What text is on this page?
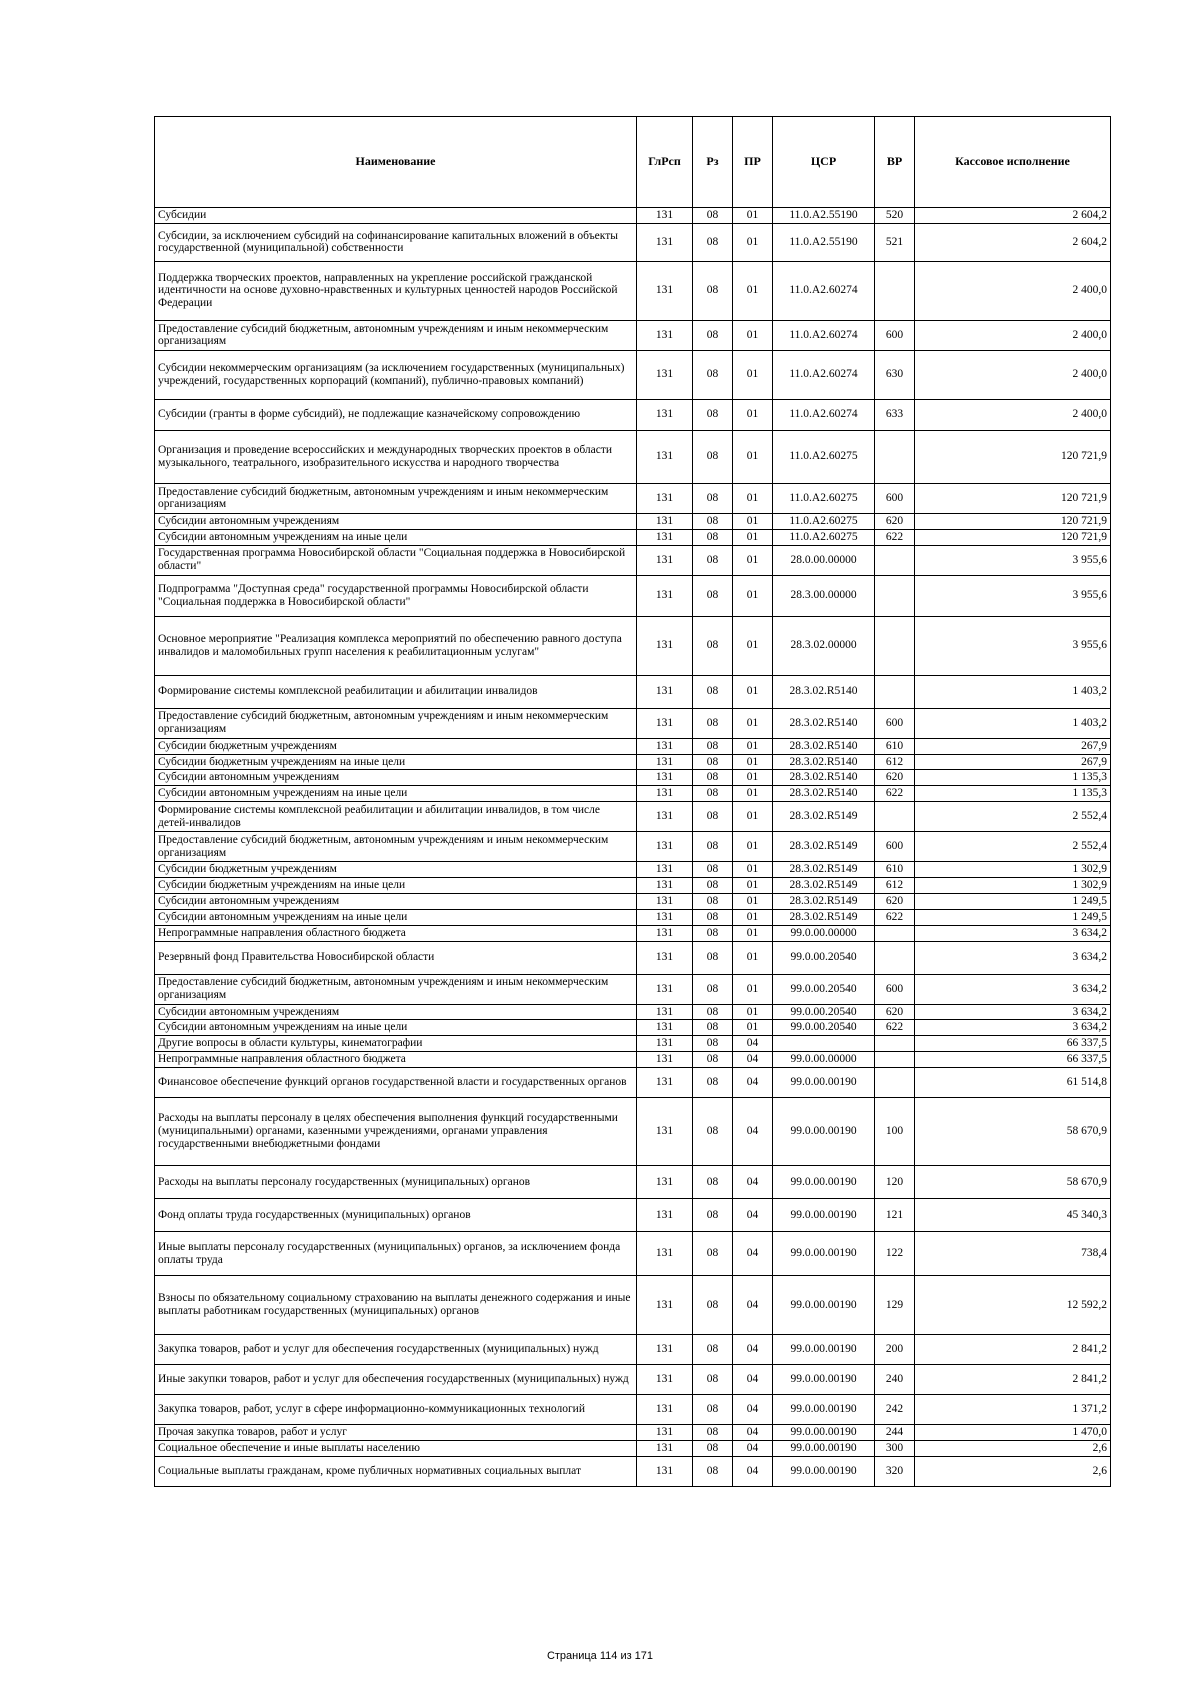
Наименование	ГлРсп	Рз	ПР	ЦСР	ВР	Кассовое исполнение
Субсидии	131	08	01	11.0.A2.55190	520	2 604,2
Субсидии, за исключением субсидий на софинансирование капитальных вложений в объекты государственной (муниципальной) собственности	131	08	01	11.0.A2.55190	521	2 604,2
Поддержка творческих проектов, направленных на укрепление российской гражданской идентичности на основе духовно-нравственных и культурных ценностей народов Российской Федерации	131	08	01	11.0.A2.60274		2 400,0
Предоставление субсидий бюджетным, автономным учреждениям и иным некоммерческим организациям	131	08	01	11.0.A2.60274	600	2 400,0
Субсидии некоммерческим организациям (за исключением государственных (муниципальных) учреждений, государственных корпораций (компаний), публично-правовых компаний)	131	08	01	11.0.A2.60274	630	2 400,0
Субсидии (гранты в форме субсидий), не подлежащие казначейскому сопровождению	131	08	01	11.0.A2.60274	633	2 400,0
Организация и проведение всероссийских и международных творческих проектов в области музыкального, театрального, изобразительного искусства и народного творчества	131	08	01	11.0.A2.60275		120 721,9
Предоставление субсидий бюджетным, автономным учреждениям и иным некоммерческим организациям	131	08	01	11.0.A2.60275	600	120 721,9
Субсидии автономным учреждениям	131	08	01	11.0.A2.60275	620	120 721,9
Субсидии автономным учреждениям на иные цели	131	08	01	11.0.A2.60275	622	120 721,9
Государственная программа Новосибирской области "Социальная поддержка в Новосибирской области"	131	08	01	28.0.00.00000		3 955,6
Подпрограмма "Доступная среда" государственной программы Новосибирской области "Социальная поддержка в Новосибирской области"	131	08	01	28.3.00.00000		3 955,6
Основное мероприятие "Реализация комплекса мероприятий по обеспечению равного доступа инвалидов и маломобильных групп населения к реабилитационным услугам"	131	08	01	28.3.02.00000		3 955,6
Формирование системы комплексной реабилитации и абилитации инвалидов	131	08	01	28.3.02.R5140		1 403,2
Предоставление субсидий бюджетным, автономным учреждениям и иным некоммерческим организациям	131	08	01	28.3.02.R5140	600	1 403,2
Субсидии бюджетным учреждениям	131	08	01	28.3.02.R5140	610	267,9
Субсидии бюджетным учреждениям на иные цели	131	08	01	28.3.02.R5140	612	267,9
Субсидии автономным учреждениям	131	08	01	28.3.02.R5140	620	1 135,3
Субсидии автономным учреждениям на иные цели	131	08	01	28.3.02.R5140	622	1 135,3
Формирование системы комплексной реабилитации и абилитации инвалидов, в том числе детей-инвалидов	131	08	01	28.3.02.R5149		2 552,4
Предоставление субсидий бюджетным, автономным учреждениям и иным некоммерческим организациям	131	08	01	28.3.02.R5149	600	2 552,4
Субсидии бюджетным учреждениям	131	08	01	28.3.02.R5149	610	1 302,9
Субсидии бюджетным учреждениям на иные цели	131	08	01	28.3.02.R5149	612	1 302,9
Субсидии автономным учреждениям	131	08	01	28.3.02.R5149	620	1 249,5
Субсидии автономным учреждениям на иные цели	131	08	01	28.3.02.R5149	622	1 249,5
Непрограммные направления областного бюджета	131	08	01	99.0.00.00000		3 634,2
Резервный фонд Правительства Новосибирской области	131	08	01	99.0.00.20540		3 634,2
Предоставление субсидий бюджетным, автономным учреждениям и иным некоммерческим организациям	131	08	01	99.0.00.20540	600	3 634,2
Субсидии автономным учреждениям	131	08	01	99.0.00.20540	620	3 634,2
Субсидии автономным учреждениям на иные цели	131	08	01	99.0.00.20540	622	3 634,2
Другие вопросы в области культуры, кинематографии	131	08	04			66 337,5
Непрограммные направления областного бюджета	131	08	04	99.0.00.00000		66 337,5
Финансовое обеспечение функций органов государственной власти и государственных органов	131	08	04	99.0.00.00190		61 514,8
Расходы на выплаты персоналу в целях обеспечения выполнения функций государственными (муниципальными) органами, казенными учреждениями, органами управления государственными внебюджетными фондами	131	08	04	99.0.00.00190	100	58 670,9
Расходы на выплаты персоналу государственных (муниципальных) органов	131	08	04	99.0.00.00190	120	58 670,9
Фонд оплаты труда государственных (муниципальных) органов	131	08	04	99.0.00.00190	121	45 340,3
Иные выплаты персоналу государственных (муниципальных) органов, за исключением фонда оплаты труда	131	08	04	99.0.00.00190	122	738,4
Взносы по обязательному социальному страхованию на выплаты денежного содержания и иные выплаты работникам государственных (муниципальных) органов	131	08	04	99.0.00.00190	129	12 592,2
Закупка товаров, работ и услуг для обеспечения государственных (муниципальных) нужд	131	08	04	99.0.00.00190	200	2 841,2
Иные закупки товаров, работ и услуг для обеспечения государственных (муниципальных) нужд	131	08	04	99.0.00.00190	240	2 841,2
Закупка товаров, работ, услуг в сфере информационно-коммуникационных технологий	131	08	04	99.0.00.00190	242	1 371,2
Прочая закупка товаров, работ и услуг	131	08	04	99.0.00.00190	244	1 470,0
Социальное обеспечение и иные выплаты населению	131	08	04	99.0.00.00190	300	2,6
Социальные выплаты гражданам, кроме публичных нормативных социальных выплат	131	08	04	99.0.00.00190	320	2,6
Страница 114 из 171
